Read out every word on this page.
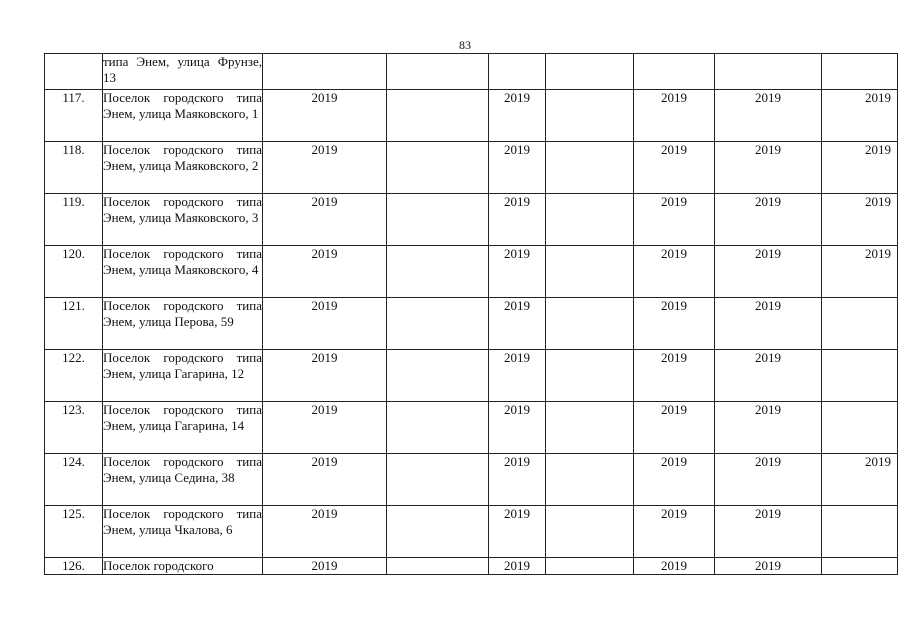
83
	типа Энем, улица Фрунзе, 13							
117.	Поселок городского типа Энем, улица Маяковского, 1	2019		2019		2019	2019	2019
118.	Поселок городского типа Энем, улица Маяковского, 2	2019		2019		2019	2019	2019
119.	Поселок городского типа Энем, улица Маяковского, 3	2019		2019		2019	2019	2019
120.	Поселок городского типа Энем, улица Маяковского, 4	2019		2019		2019	2019	2019
121.	Поселок городского типа Энем, улица Перова, 59	2019		2019		2019	2019	
122.	Поселок городского типа Энем, улица Гагарина, 12	2019		2019		2019	2019	
123.	Поселок городского типа Энем, улица Гагарина, 14	2019		2019		2019	2019	
124.	Поселок городского типа Энем, улица Седина, 38	2019		2019		2019	2019	2019
125.	Поселок городского типа Энем, улица Чкалова, 6	2019		2019		2019	2019	
126.	Поселок городского	2019		2019		2019	2019	
